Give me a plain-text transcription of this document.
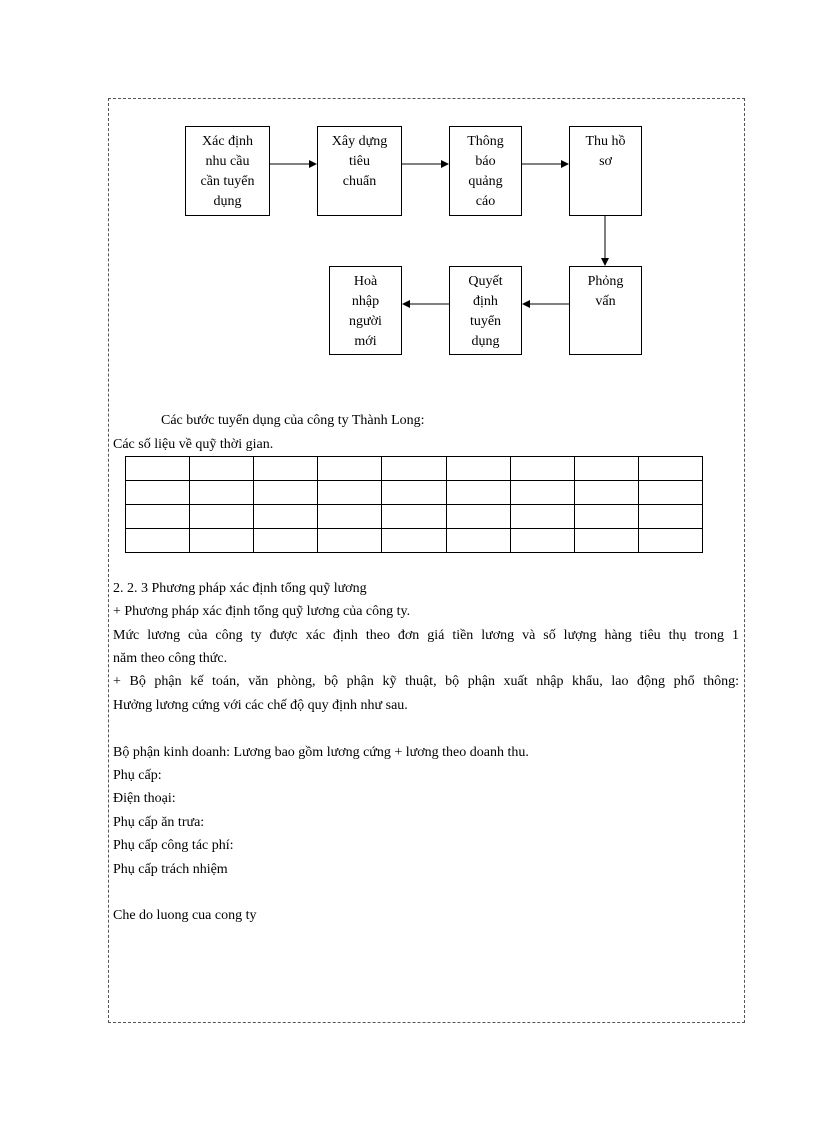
Xác định
nhu cầu
cần tuyển
dụng
Xây dựng
tiêu
chuẩn
Thông
báo
quảng
cáo
Thu hồ
sơ
Phỏng
vấn
Quyết
định
tuyển
dụng
Hoà
nhập
người
mới
Các bước tuyển dụng của công ty Thành Long:
Các số liệu về quỹ thời gian.

2. 2. 3 Phương pháp xác định tổng quỹ lương
+ Phương pháp xác định tổng quỹ lương của công ty.
Mức lương của công ty được xác định theo đơn giá tiền lương và số lượng hàng tiêu thụ trong 1
năm theo công thức.
+ Bộ phận kế toán, văn phòng, bộ phận kỹ thuật, bộ phận xuất nhập khẩu, lao động phổ thông:
Hưởng lương cứng với các chế độ quy định như sau.
Bộ phận kinh doanh: Lương bao gồm lương cứng + lương theo doanh thu.
Phụ cấp:
Điện thoại:
Phụ cấp ăn trưa:
Phụ cấp công tác phí:
Phụ cấp trách nhiệm
Che do luong cua cong ty
